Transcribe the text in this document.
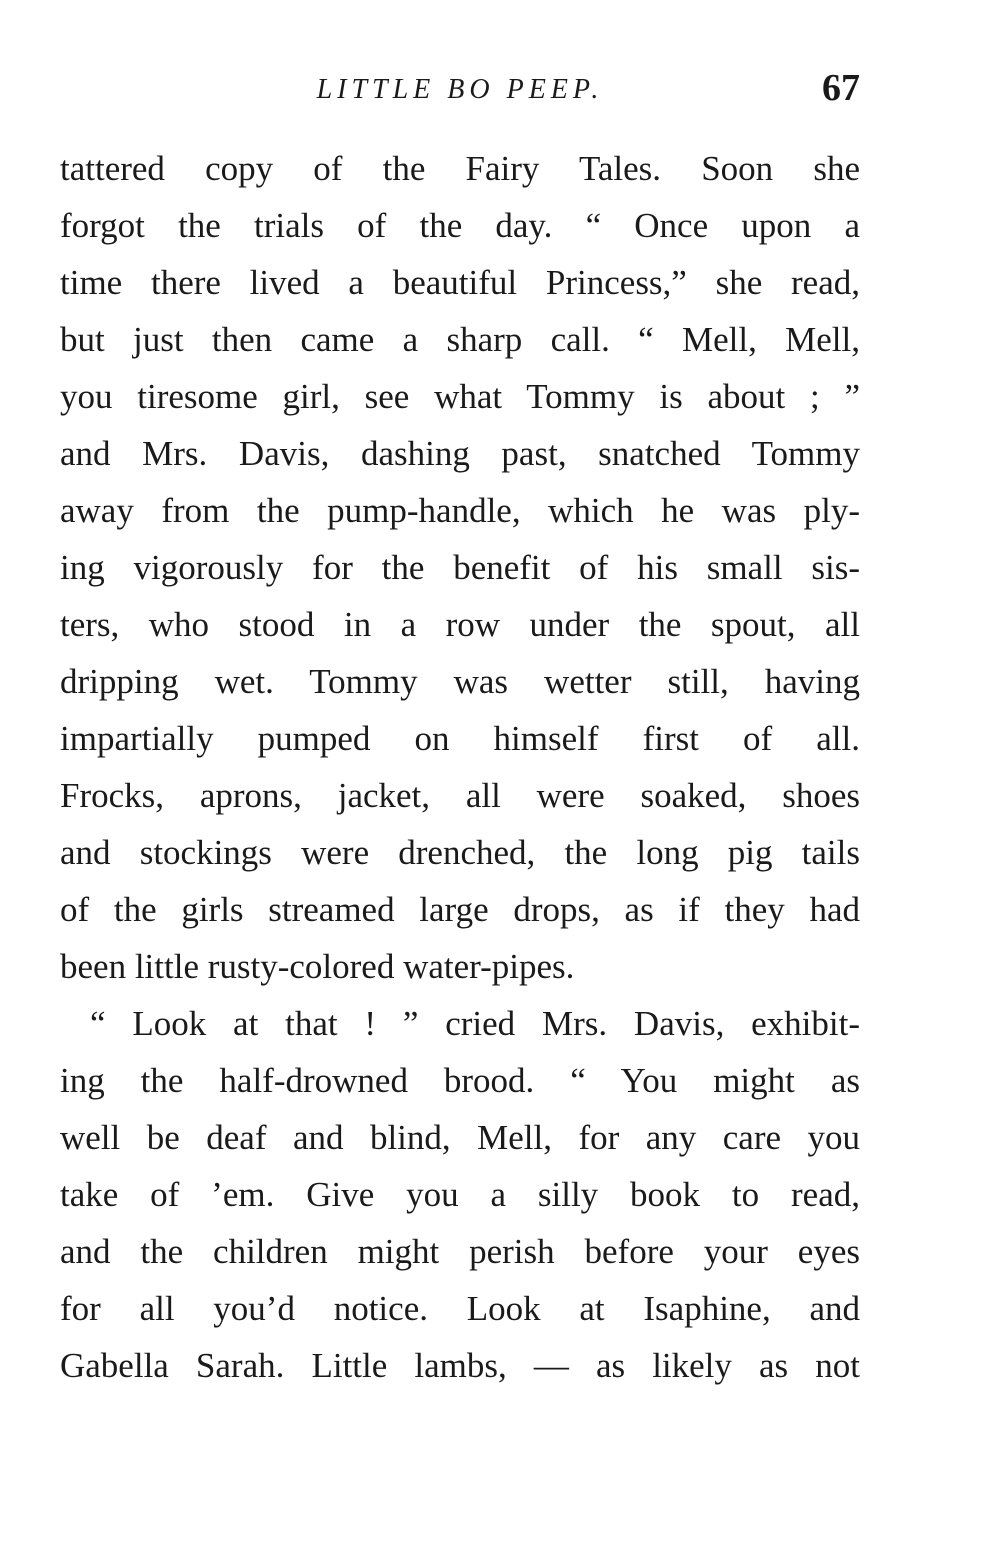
LITTLE BO PEEP.	67
tattered copy of the Fairy Tales. Soon she
forgot the trials of the day. “ Once upon a
time there lived a beautiful Princess,” she read,
but just then came a sharp call. “ Mell, Mell,
you tiresome girl, see what Tommy is about ; ”
and Mrs. Davis, dashing past, snatched Tommy
away from the pump-handle, which he was ply-
ing vigorously for the benefit of his small sis-
ters, who stood in a row under the spout, all
dripping wet. Tommy was wetter still, having
impartially pumped on himself first of all.
Frocks, aprons, jacket, all were soaked, shoes
and stockings were drenched, the long pig tails
of the girls streamed large drops, as if they had
been little rusty-colored water-pipes.
“ Look at that ! ” cried Mrs. Davis, exhibit-
ing the half-drowned brood. “ You might as
well be deaf and blind, Mell, for any care you
take of ’em. Give you a silly book to read,
and the children might perish before your eyes
for all you’d notice. Look at Isaphine, and
Gabella Sarah. Little lambs, — as likely as not
